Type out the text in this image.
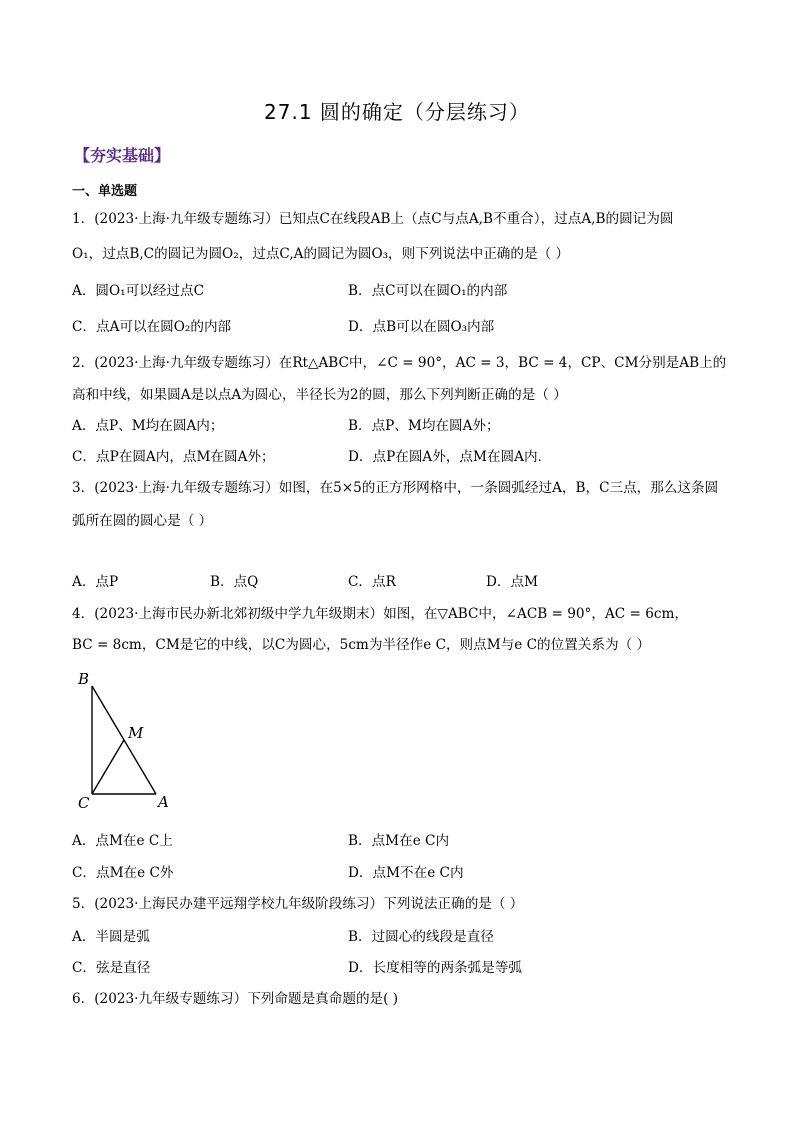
27.1 圆的确定（分层练习）
【夯实基础】
一、单选题
1．(2023·上海·九年级专题练习）已知点C在线段AB上（点C与点A,B不重合），过点A,B的圆记为圆
O₁，过点B,C的圆记为圆O₂，过点C,A的圆记为圆O₃，则下列说法中正确的是（ ）
A．圆O₁可以经过点C	B．点C可以在圆O₁的内部
C．点A可以在圆O₂的内部	D．点B可以在圆O₃内部
2．(2023·上海·九年级专题练习）在Rt△ABC中，∠C = 90°，AC = 3，BC = 4，CP、CM分别是AB上的
高和中线，如果圆A是以点A为圆心，半径长为2的圆，那么下列判断正确的是（ ）
A．点P、M均在圆A内；	B．点P、M均在圆A外；
C．点P在圆A内，点M在圆A外；	D．点P在圆A外，点M在圆A内．
3．(2023·上海·九年级专题练习）如图，在5×5的正方形网格中，一条圆弧经过A，B，C三点，那么这条圆
弧所在圆的圆心是（ ）
A．点P	B．点Q	C．点R	D．点M
4．(2023·上海市民办新北郊初级中学九年级期末）如图，在▽ABC中，∠ACB = 90°，AC = 6cm，
BC = 8cm，CM是它的中线，以C为圆心，5cm为半径作e C，则点M与e C的位置关系为（ ）
B
M
C	A
A．点M在e C上	B．点M在e C内
C．点M在e C外	D．点M不在e C内
5．(2023·上海民办建平远翔学校九年级阶段练习）下列说法正确的是（ ）
A．半圆是弧	B．过圆心的线段是直径
C．弦是直径	D．长度相等的两条弧是等弧
6．(2023·九年级专题练习）下列命题是真命题的是( )
